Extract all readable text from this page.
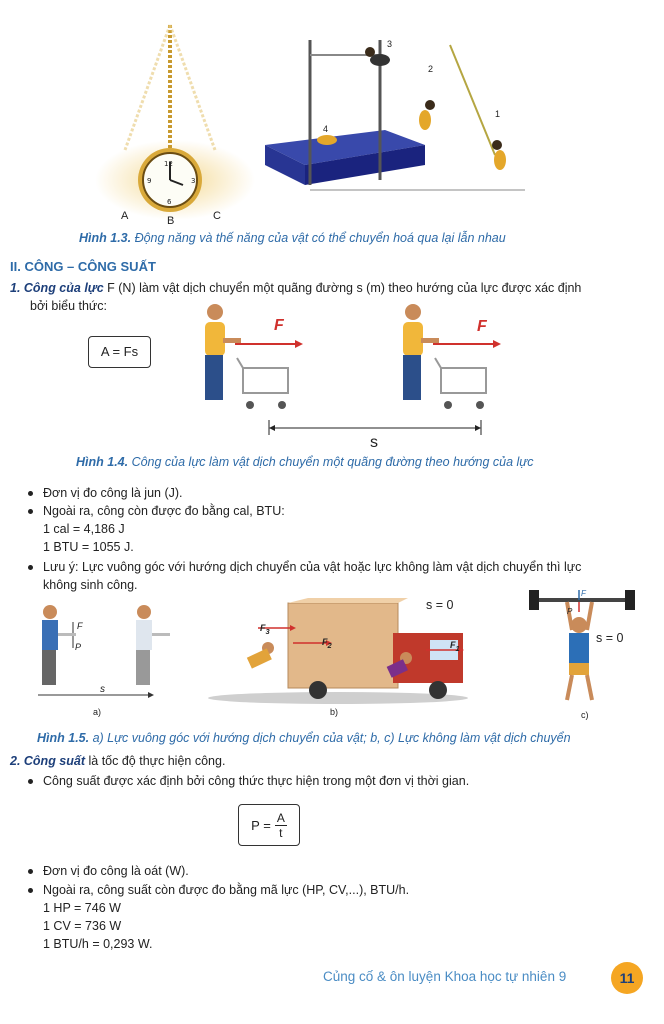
12
3
6
9
A	B	C
1
2
3
4
Hình 1.3. Động năng và thế năng của vật có thể chuyển hoá qua lại lẫn nhau
II. CÔNG – CÔNG SUẤT
1. Công của lực F (N) làm vật dịch chuyển một quãng đường s (m) theo hướng của lực được xác định
bởi biểu thức:
A = Fs
F	F
s
Hình 1.4. Công của lực làm vật dịch chuyển một quãng đường theo hướng của lực
Đơn vị đo công là jun (J).
Ngoài ra, công còn được đo bằng cal, BTU:
1 cal = 4,186 J
1 BTU = 1055 J.
Lưu ý: Lực vuông góc với hướng dịch chuyển của vật hoặc lực không làm vật dịch chuyển thì lực
không sinh công.
F
P
s
a)
$F_3$
$F_2$	$F_1$
s = 0
b)
F
P
s = 0
c)
Hình 1.5. a) Lực vuông góc với hướng dịch chuyển của vật; b, c) Lực không làm vật dịch chuyển
2. Công suất là tốc độ thực hiện công.
Công suất được xác định bởi công thức thực hiện trong một đơn vị thời gian.
$P = \frac{A}{t}$
Đơn vị đo công là oát (W).
Ngoài ra, công suất còn được đo bằng mã lực (HP, CV,...), BTU/h.
1 HP = 746 W
1 CV = 736 W
1 BTU/h = 0,293 W.
Củng cố & ôn luyện Khoa học tự nhiên 9	11
